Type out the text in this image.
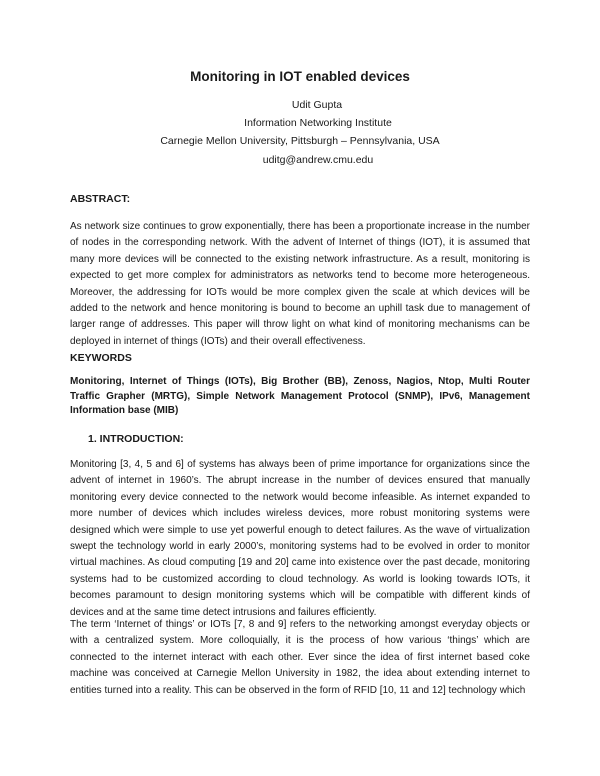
Monitoring in IOT enabled devices
Udit Gupta
Information Networking Institute
Carnegie Mellon University, Pittsburgh – Pennsylvania, USA
uditg@andrew.cmu.edu
ABSTRACT:

As network size continues to grow exponentially, there has been a proportionate increase in the number of nodes in the corresponding network. With the advent of Internet of things (IOT), it is assumed that many more devices will be connected to the existing network infrastructure. As a result, monitoring is expected to get more complex for administrators as networks tend to become more heterogeneous. Moreover, the addressing for IOTs would be more complex given the scale at which devices will be added to the network and hence monitoring is bound to become an uphill task due to management of larger range of addresses. This paper will throw light on what kind of monitoring mechanisms can be deployed in internet of things (IOTs) and their overall effectiveness.

KEYWORDS

Monitoring, Internet of Things (IOTs), Big Brother (BB), Zenoss, Nagios, Ntop, Multi Router Traffic Grapher (MRTG), Simple Network Management Protocol (SNMP), IPv6, Management Information base (MIB)

1. INTRODUCTION:

Monitoring [3, 4, 5 and 6] of systems has always been of prime importance for organizations since the advent of internet in 1960’s. The abrupt increase in the number of devices ensured that manually monitoring every device connected to the network would become infeasible. As internet expanded to more number of devices which includes wireless devices, more robust monitoring systems were designed which were simple to use yet powerful enough to detect failures. As the wave of virtualization swept the technology world in early 2000’s, monitoring systems had to be evolved in order to monitor virtual machines. As cloud computing [19 and 20] came into existence over the past decade, monitoring systems had to be customized according to cloud technology. As world is looking towards IOTs, it becomes paramount to design monitoring systems which will be compatible with different kinds of devices and at the same time detect intrusions and failures efficiently.

The term ‘Internet of things’ or IOTs [7, 8 and 9] refers to the networking amongst everyday objects or with a centralized system. More colloquially, it is the process of how various ‘things’ which are connected to the internet interact with each other. Ever since the idea of first internet based coke machine was conceived at Carnegie Mellon University in 1982, the idea about extending internet to entities turned into a reality. This can be observed in the form of RFID [10, 11 and 12] technology which
